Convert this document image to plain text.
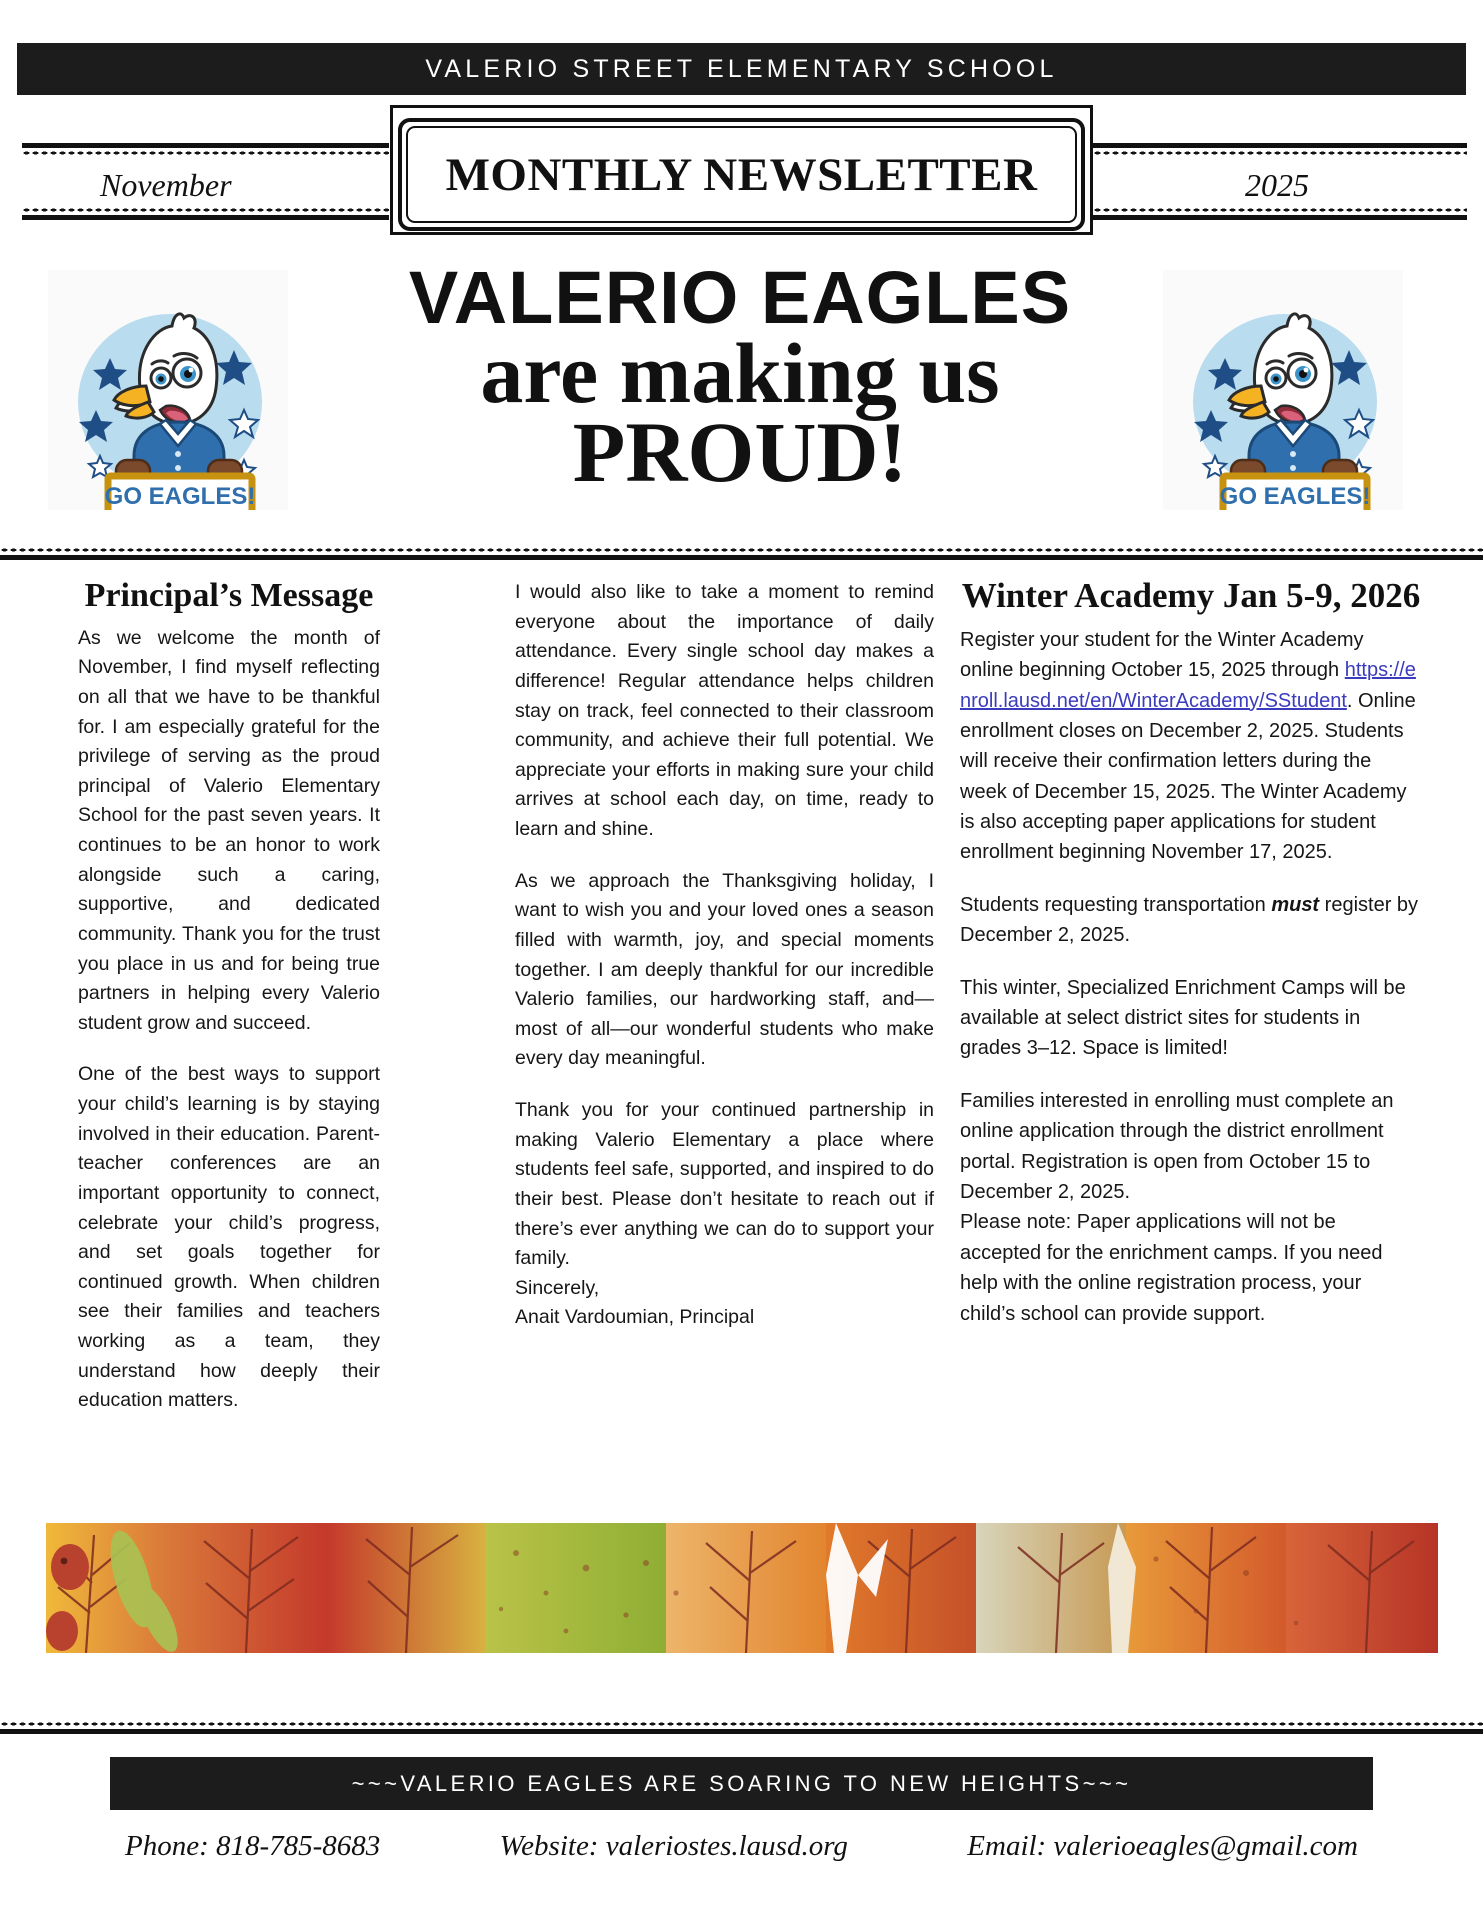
VALERIO STREET ELEMENTARY SCHOOL
November	2025
MONTHLY NEWSLETTER
GO EAGLES!
VALERIO EAGLES
are making us
PROUD!	GO EAGLES!
Principal’s Message

As we welcome the month of November, I find myself reflecting on all that we have to be thankful for. I am especially grateful for the privilege of serving as the proud principal of Valerio Elementary School for the past seven years. It continues to be an honor to work alongside such a caring, supportive, and dedicated community. Thank you for the trust you place in us and for being true partners in helping every Valerio student grow and succeed.

One of the best ways to support your child’s learning is by staying involved in their education. Parent-teacher conferences are an important opportunity to connect, celebrate your child’s progress, and set goals together for continued growth. When children see their families and teachers working as a team, they understand how deeply their education matters.

I would also like to take a moment to remind everyone about the importance of daily attendance. Every single school day makes a difference! Regular attendance helps children stay on track, feel connected to their classroom community, and achieve their full potential. We appreciate your efforts in making sure your child arrives at school each day, on time, ready to learn and shine.

As we approach the Thanksgiving holiday, I want to wish you and your loved ones a season filled with warmth, joy, and special moments together. I am deeply thankful for our incredible Valerio families, our hardworking staff, and—most of all—our wonderful students who make every day meaningful.

Thank you for your continued partnership in making Valerio Elementary a place where students feel safe, supported, and inspired to do their best. Please don’t hesitate to reach out if there’s ever anything we can do to support your family.

Sincerely,

Anait Vardoumian, Principal

Winter Academy Jan 5-9, 2026

Register your student for the Winter Academy online beginning October 15, 2025 through https://enroll.lausd.net/en/WinterAcademy/SStudent. Online enrollment closes on December 2, 2025. Students will receive their confirmation letters during the week of December 15, 2025. The Winter Academy is also accepting paper applications for student enrollment beginning November 17, 2025.

Students requesting transportation must register by December 2, 2025.

This winter, Specialized Enrichment Camps will be available at select district sites for students in grades 3–12. Space is limited!

Families interested in enrolling must complete an online application through the district enrollment portal. Registration is open from October 15 to December 2, 2025.

Please note: Paper applications will not be accepted for the enrichment camps. If you need help with the online registration process, your child’s school can provide support.

~~~VALERIO EAGLES ARE SOARING TO NEW HEIGHTS~~~
Phone: 818-785-8683	Website: valeriostes.lausd.org	Email: valerioeagles@gmail.com
